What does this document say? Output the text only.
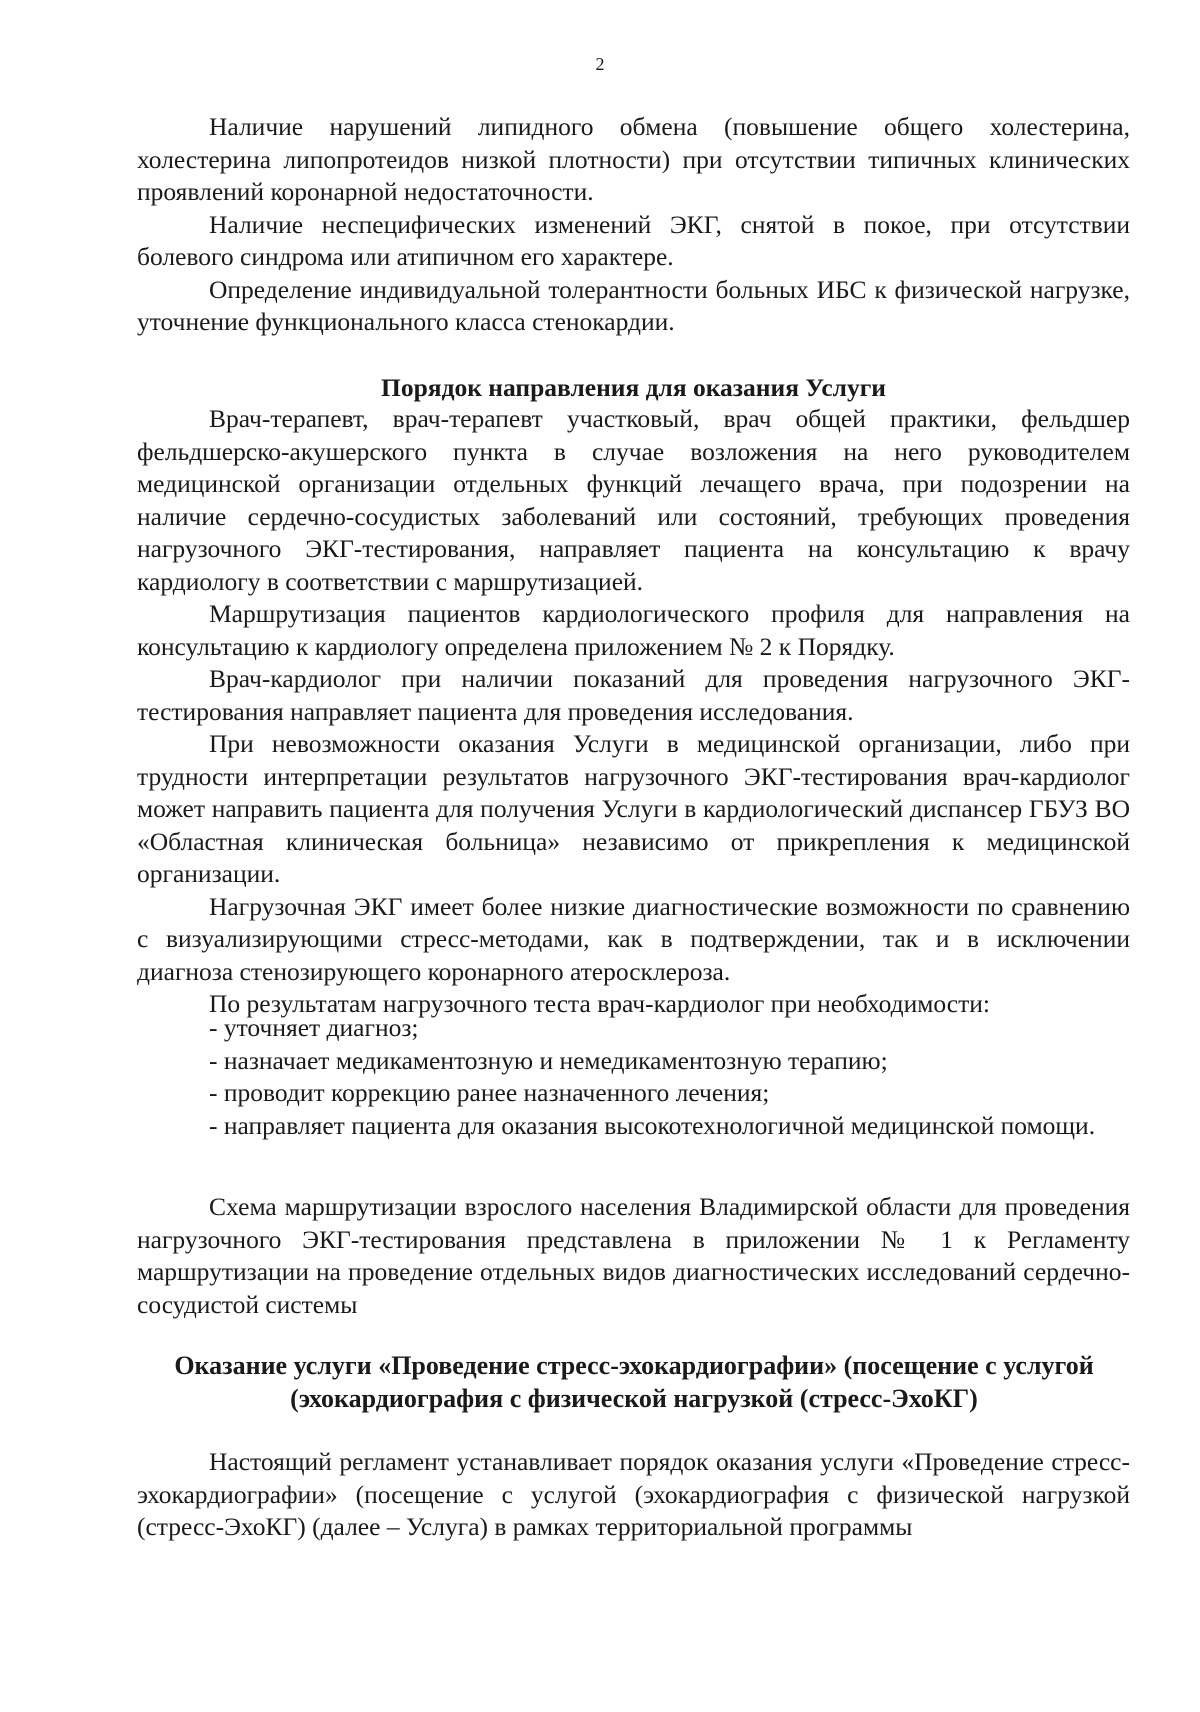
2

Наличие нарушений липидного обмена (повышение общего холестерина, холестерина липопротеидов низкой плотности) при отсутствии типичных клинических проявлений коронарной недостаточности.

Наличие неспецифических изменений ЭКГ, снятой в покое, при отсутствии болевого синдрома или атипичном его характере.

Определение индивидуальной толерантности больных ИБС к физической нагрузке, уточнение функционального класса стенокардии.

Порядок направления для оказания Услуги

Врач-терапевт, врач-терапевт участковый, врач общей практики, фельдшер фельдшерско-акушерского пункта в случае возложения на него руководителем медицинской организации отдельных функций лечащего врача, при подозрении на наличие сердечно-сосудистых заболеваний или состояний, требующих проведения нагрузочного ЭКГ-тестирования, направляет пациента на консультацию к врачу кардиологу в соответствии с маршрутизацией.

Маршрутизация пациентов кардиологического профиля для направления на консультацию к кардиологу определена приложением № 2 к Порядку.

Врач-кардиолог при наличии показаний для проведения нагрузочного ЭКГ-тестирования направляет пациента для проведения исследования.

При невозможности оказания Услуги в медицинской организации, либо при трудности интерпретации результатов нагрузочного ЭКГ-тестирования врач-кардиолог может направить пациента для получения Услуги в кардиологический диспансер ГБУЗ ВО «Областная клиническая больница» независимо от прикрепления к медицинской организации.

Нагрузочная ЭКГ имеет более низкие диагностические возможности по сравнению с визуализирующими стресс-методами, как в подтверждении, так и в исключении диагноза стенозирующего коронарного атеросклероза.

По результатам нагрузочного теста врач-кардиолог при необходимости:

- уточняет диагноз;

- назначает медикаментозную и немедикаментозную терапию;

- проводит коррекцию ранее назначенного лечения;

- направляет пациента для оказания высокотехнологичной медицинской помощи.

Схема маршрутизации взрослого населения Владимирской области для проведения нагрузочного ЭКГ-тестирования представлена в приложении № 1 к Регламенту маршрутизации на проведение отдельных видов диагностических исследований сердечно-сосудистой системы

Оказание услуги «Проведение стресс-эхокардиографии» (посещение с услугой (эхокардиография с физической нагрузкой (стресс-ЭхоКГ)

Настоящий регламент устанавливает порядок оказания услуги «Проведение стресс-эхокардиографии» (посещение с услугой (эхокардиография с физической нагрузкой (стресс-ЭхоКГ) (далее – Услуга) в рамках территориальной программы
